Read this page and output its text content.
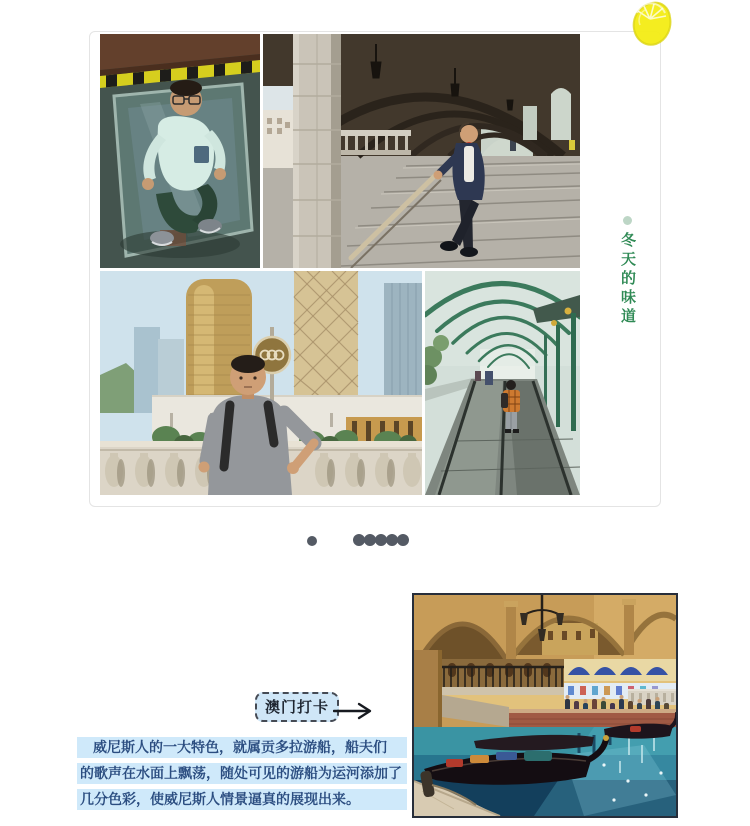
冬天的味道
澳门打卡
威尼斯人的一大特色，就属贡多拉游船，船夫们
的歌声在水面上飘荡，随处可见的游船为运河添加了
几分色彩，使威尼斯人情景逼真的展现出来。
